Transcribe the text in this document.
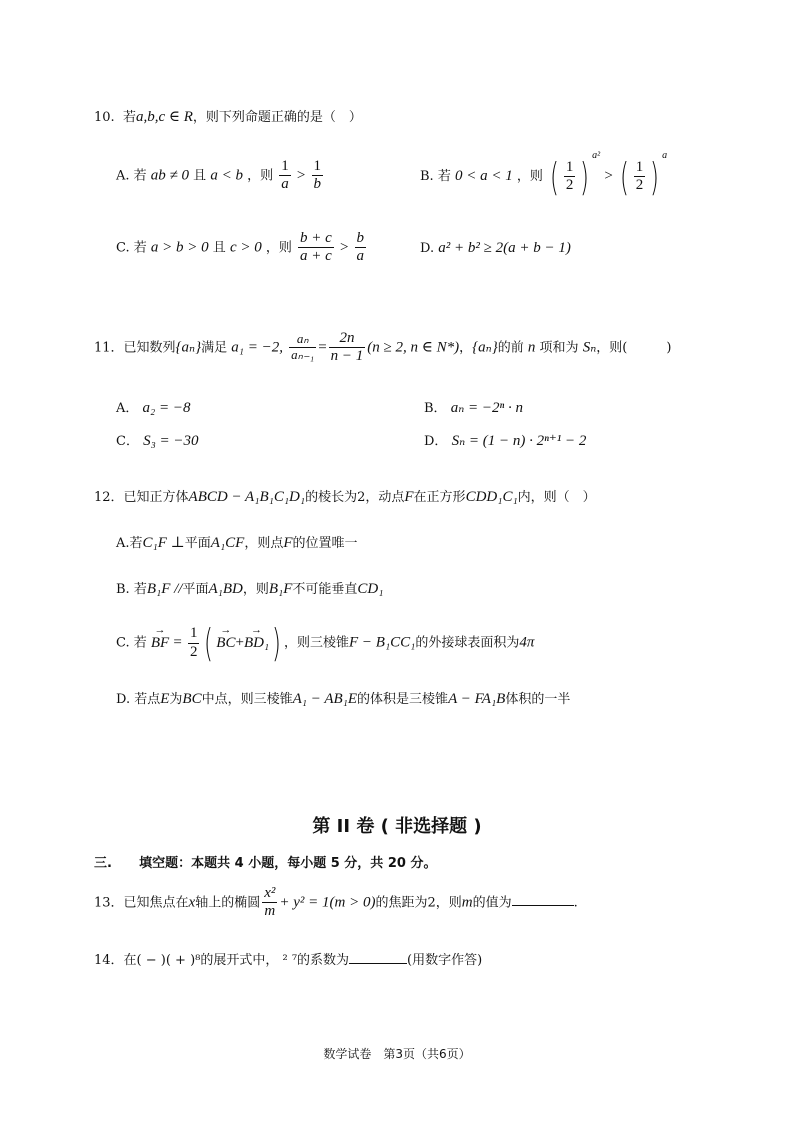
10. 若a,b,c ∈ R，则下列命题正确的是（　）
A. 若 ab ≠ 0 且 a < b ，则 $\frac{1}{a} > \frac{1}{b}$	B. 若 0 < a < 1 ，则 ( $\frac{1}{2}$ ) $^{a^2}$ > ( $\frac{1}{2}$ ) $^a$
C. 若 a > b > 0 且 c > 0 ，则 $\frac{b + c}{a + c} > \frac{b}{a}$	D. a² + b² ≥ 2(a + b − 1)
11．已知数列{aₙ}满足 a₁ = −2, $\frac{\text{aₙ}}{\text{aₙ₋₁}} = \frac{2n}{n - 1} (n \ge 2$, n ∈ N*)，{aₙ}的前 n 项和为 Sₙ，则(　　　)
A． a₂ = −8	B． aₙ = −2ⁿ · n
C． S₃ = −30	D． Sₙ = (1 − n) · 2ⁿ⁺¹ − 2
12．已知正方体ABCD − A₁B₁C₁D₁的棱长为2，动点F在正方形CDD₁C₁内，则（　）
A.若C₁F ⊥平面A₁CF，则点F的位置唯一
B. 若B₁F //平面A₁BD，则B₁F不可能垂直CD₁
C. 若 → BF = $\frac{1}{2}$ ( → BC+→ BD₁) ，则三棱锥F − B₁CC₁的外接球表面积为4π
D. 若点E为BC中点，则三棱锥A₁ − AB₁E的体积是三棱锥A − FA₁B体积的一半
第 II 卷 ( 非选择题 )
三. 填空题：本题共 4 小题，每小题 5 分，共 20 分。
13．已知焦点在x轴上的椭圆 $\frac{\text{x²}}{m} + y^2 = 1(m > 0)$的焦距为2，则m的值为	.
14．在( − )( + )⁸的展开式中， ² ⁷的系数为	(用数字作答)
数学试卷　第3页（共6页）
